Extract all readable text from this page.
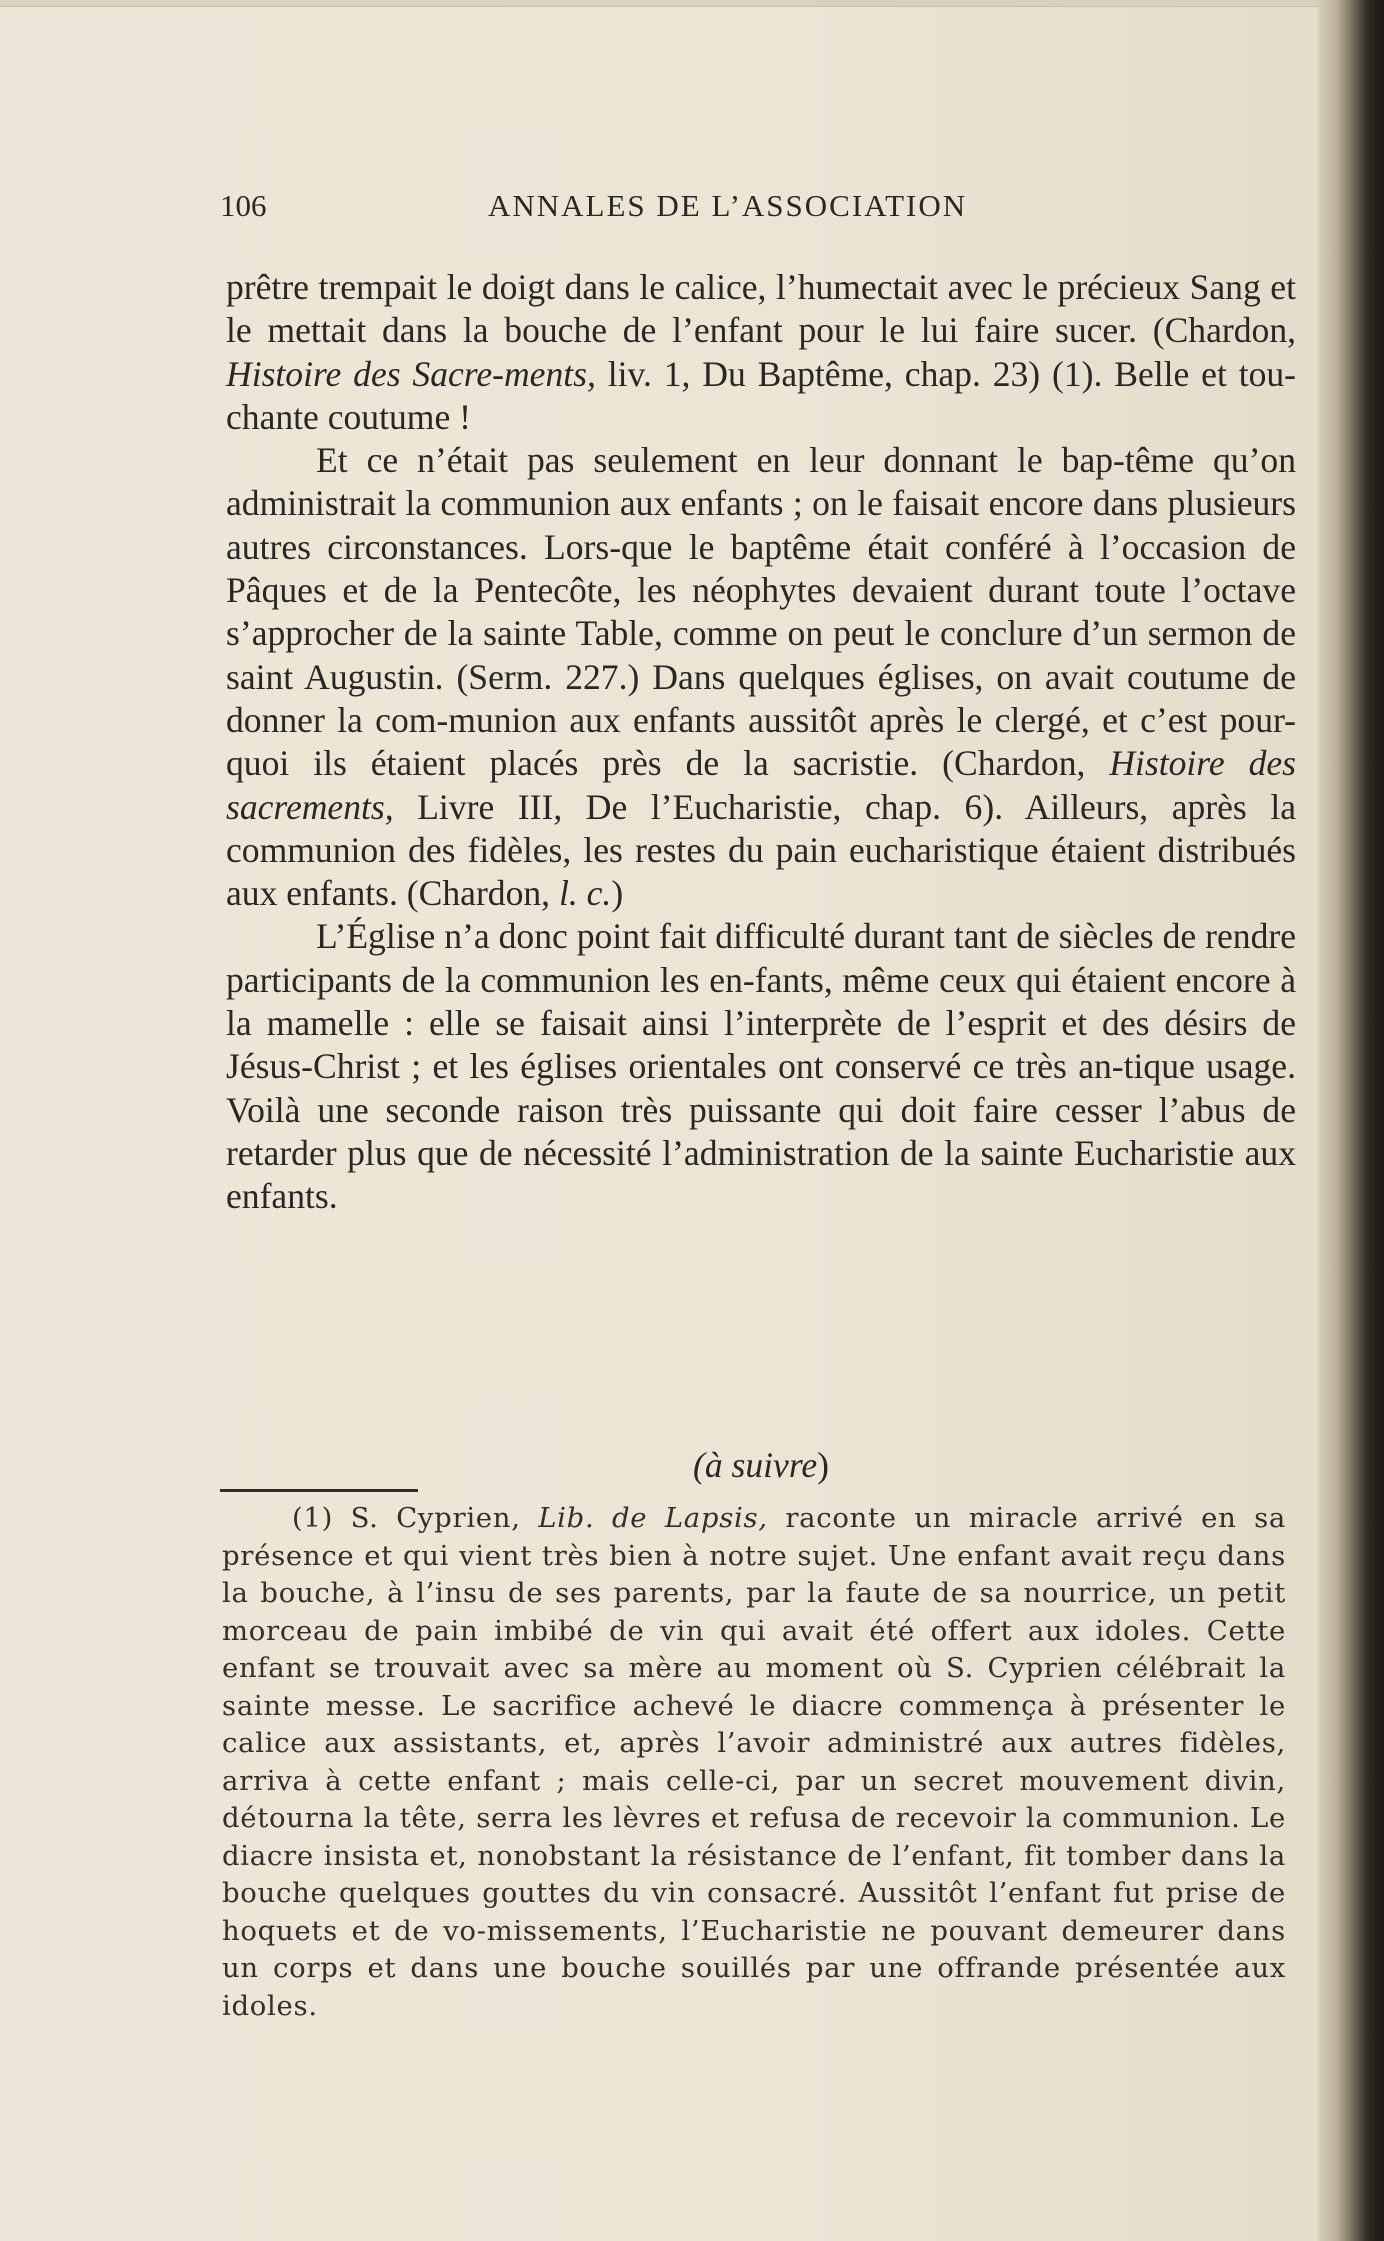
106	ANNALES DE L’ASSOCIATION

prêtre trempait le doigt dans le calice, l’humectait avec le précieux Sang et le mettait dans la bouche de l’enfant pour le lui faire sucer. (Chardon, Histoire des Sacre-ments, liv. 1, Du Baptême, chap. 23) (1). Belle et tou-chante coutume !

Et ce n’était pas seulement en leur donnant le bap-tême qu’on administrait la communion aux enfants ; on le faisait encore dans plusieurs autres circonstances. Lors-que le baptême était conféré à l’occasion de Pâques et de la Pentecôte, les néophytes devaient durant toute l’octave s’approcher de la sainte Table, comme on peut le conclure d’un sermon de saint Augustin. (Serm. 227.) Dans quelques églises, on avait coutume de donner la com-munion aux enfants aussitôt après le clergé, et c’est pour-quoi ils étaient placés près de la sacristie. (Chardon, Histoire des sacrements, Livre III, De l’Eucharistie, chap. 6). Ailleurs, après la communion des fidèles, les restes du pain eucharistique étaient distribués aux enfants. (Chardon, l. c.)

L’Église n’a donc point fait difficulté durant tant de siècles de rendre participants de la communion les en-fants, même ceux qui étaient encore à la mamelle : elle se faisait ainsi l’interprète de l’esprit et des désirs de Jésus-Christ ; et les églises orientales ont conservé ce très an-tique usage. Voilà une seconde raison très puissante qui doit faire cesser l’abus de retarder plus que de nécessité l’administration de la sainte Eucharistie aux enfants.

(à suivre)

(1) S. Cyprien, Lib. de Lapsis, raconte un miracle arrivé en sa présence et qui vient très bien à notre sujet. Une enfant avait reçu dans la bouche, à l’insu de ses parents, par la faute de sa nourrice, un petit morceau de pain imbibé de vin qui avait été offert aux idoles. Cette enfant se trouvait avec sa mère au moment où S. Cyprien célébrait la sainte messe. Le sacrifice achevé le diacre commença à présenter le calice aux assistants, et, après l’avoir administré aux autres fidèles, arriva à cette enfant ; mais celle-ci, par un secret mouvement divin, détourna la tête, serra les lèvres et refusa de recevoir la communion. Le diacre insista et, nonobstant la résistance de l’enfant, fit tomber dans la bouche quelques gouttes du vin consacré. Aussitôt l’enfant fut prise de hoquets et de vo-missements, l’Eucharistie ne pouvant demeurer dans un corps et dans une bouche souillés par une offrande présentée aux idoles.
